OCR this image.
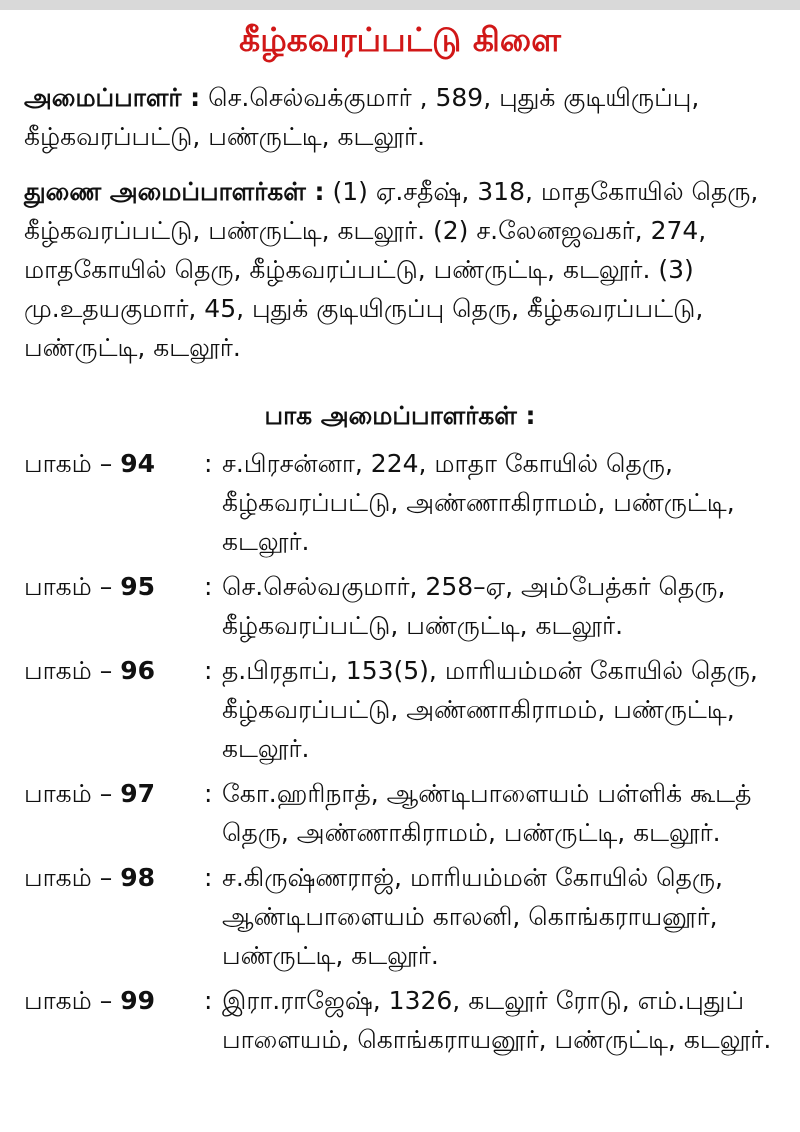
கீழ்கவரப்பட்டு கிளை
அமைப்பாளர் : செ.செல்வக்குமார் , 589, புதுக் குடியிருப்பு, கீழ்கவரப்பட்டு, பண்ருட்டி, கடலூர்.
துணை அமைப்பாளர்கள் : (1) ஏ.சதீஷ், 318, மாதகோயில் தெரு, கீழ்கவரப்பட்டு, பண்ருட்டி, கடலூர். (2) ச.லேனஜவகர், 274, மாதகோயில் தெரு, கீழ்கவரப்பட்டு, பண்ருட்டி, கடலூர். (3) மு.உதயகுமார், 45, புதுக் குடியிருப்பு தெரு, கீழ்கவரப்பட்டு, பண்ருட்டி, கடலூர்.
பாக அமைப்பாளர்கள் :
பாகம் – 94	: ச.பிரசன்னா, 224, மாதா கோயில் தெரு, கீழ்கவரப்பட்டு, அண்ணாகிராமம், பண்ருட்டி, கடலூர்.
பாகம் – 95	: செ.செல்வகுமார், 258–ஏ, அம்பேத்கர் தெரு, கீழ்கவரப்பட்டு, பண்ருட்டி, கடலூர்.
பாகம் – 96	: த.பிரதாப், 153(5), மாரியம்மன் கோயில் தெரு, கீழ்கவரப்பட்டு, அண்ணாகிராமம், பண்ருட்டி, கடலூர்.
பாகம் – 97	: கோ.ஹரிநாத், ஆண்டிபாளையம் பள்ளிக் கூடத் தெரு, அண்ணாகிராமம், பண்ருட்டி, கடலூர்.
பாகம் – 98	: ச.கிருஷ்ணராஜ், மாரியம்மன் கோயில் தெரு, ஆண்டிபாளையம் காலனி, கொங்கராயனூர், பண்ருட்டி, கடலூர்.
பாகம் – 99	: இரா.ராஜேஷ், 1326, கடலூர் ரோடு, எம்.புதுப் பாளையம், கொங்கராயனூர், பண்ருட்டி, கடலூர்.
